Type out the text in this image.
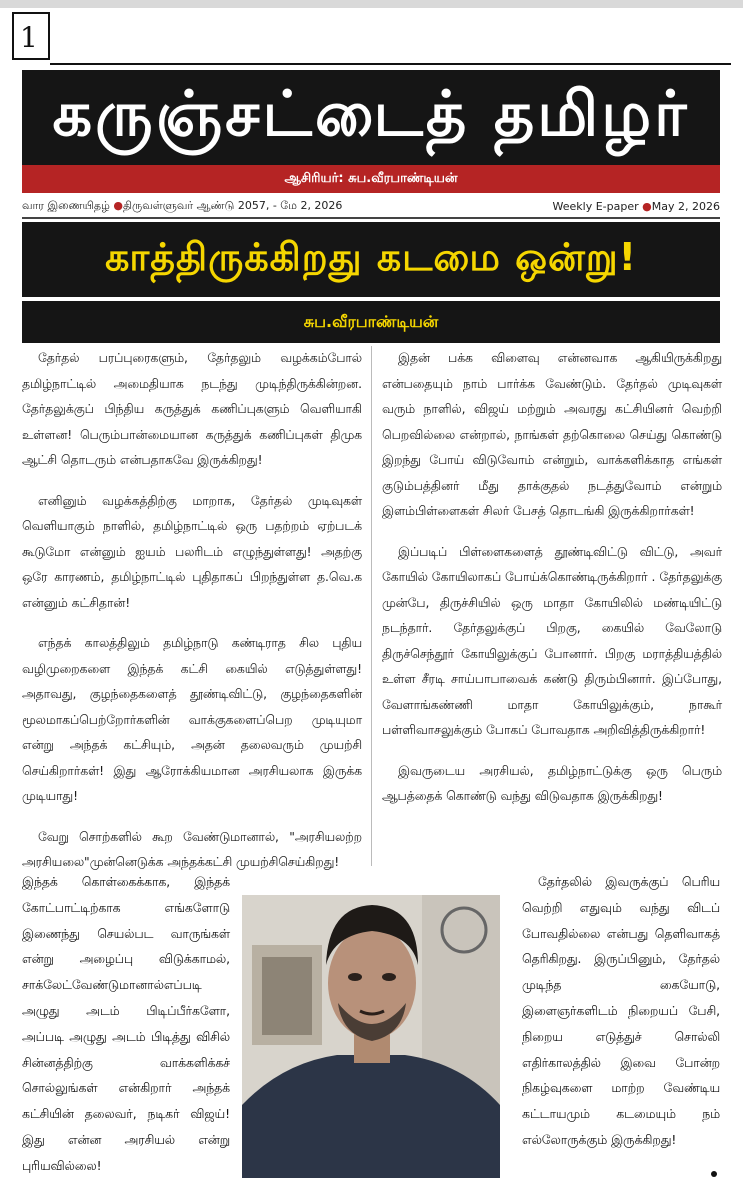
1
கருஞ்சட்டைத் தமிழர்
ஆசிரியர்: சுப.வீரபாண்டியன்
வார இணையிதழ் ●திருவள்ளுவர் ஆண்டு 2057, - மே 2, 2026	Weekly E-paper ●May 2, 2026
காத்திருக்கிறது கடமை ஒன்று!
சுப.வீரபாண்டியன்

தேர்தல் பரப்புரைகளும், தேர்தலும் வழக்கம்போல் தமிழ்நாட்டில் அமைதியாக நடந்து முடிந்திருக்கின்றன. தேர்தலுக்குப் பிந்திய கருத்துக் கணிப்புகளும் வெளியாகி உள்ளன! பெரும்பான்மையான கருத்துக் கணிப்புகள் திமுக ஆட்சி தொடரும் என்பதாகவே இருக்கிறது!

எனினும் வழக்கத்திற்கு மாறாக, தேர்தல் முடிவுகள் வெளியாகும் நாளில், தமிழ்நாட்டில் ஒரு பதற்றம் ஏற்படக் கூடுமோ என்னும் ஐயம் பலரிடம் எழுந்துள்ளது! அதற்கு ஒரே காரணம், தமிழ்நாட்டில் புதிதாகப் பிறந்துள்ள த.வெ.க என்னும் கட்சிதான்!

எந்தக் காலத்திலும் தமிழ்நாடு கண்டிராத சில புதிய வழிமுறைகளை இந்தக் கட்சி கையில் எடுத்துள்ளது! அதாவது, குழந்தைகளைத் தூண்டிவிட்டு, குழந்தைகளின் மூலமாகப்பெற்றோர்களின் வாக்குகளைப்பெற முடியுமா என்று அந்தக் கட்சியும், அதன் தலைவரும் முயற்சி செய்கிறார்கள்! இது ஆரோக்கியமான அரசியலாக இருக்க முடியாது!

வேறு சொற்களில் கூற வேண்டுமானால், "அரசியலற்ற அரசியலை"முன்னெடுக்க அந்தக்கட்சி முயற்சிசெய்கிறது!

இதன் பக்க விளைவு என்னவாக ஆகியிருக்கிறது என்பதையும் நாம் பார்க்க வேண்டும். தேர்தல் முடிவுகள் வரும் நாளில், விஜய் மற்றும் அவரது கட்சியினர் வெற்றி பெறவில்லை என்றால், நாங்கள் தற்கொலை செய்து கொண்டு இறந்து போய் விடுவோம் என்றும், வாக்களிக்காத எங்கள் குடும்பத்தினர் மீது தாக்குதல் நடத்துவோம் என்றும் இளம்பிள்ளைகள் சிலர் பேசத் தொடங்கி இருக்கிறார்கள்!

இப்படிப் பிள்ளைகளைத் தூண்டிவிட்டு விட்டு, அவர் கோயில் கோயிலாகப் போய்க்கொண்டிருக்கிறார் . தேர்தலுக்கு முன்பே, திருச்சியில் ஒரு மாதா கோயிலில் மண்டியிட்டு நடந்தார். தேர்தலுக்குப் பிறகு, கையில் வேலோடு திருச்செந்தூர் கோயிலுக்குப் போனார். பிறகு மராத்தியத்தில் உள்ள சீரடி சாய்பாபாவைக் கண்டு திரும்பினார். இப்போது, வேளாங்கண்ணி மாதா கோயிலுக்கும், நாகூர் பள்ளிவாசலுக்கும் போகப் போவதாக அறிவித்திருக்கிறார்!

இவருடைய அரசியல், தமிழ்நாட்டுக்கு ஒரு பெரும் ஆபத்தைக் கொண்டு வந்து விடுவதாக இருக்கிறது!

இந்தக் கொள்கைக்காக, இந்தக் கோட்பாட்டிற்காக எங்களோடு இணைந்து செயல்பட வாருங்கள் என்று அழைப்பு விடுக்காமல், சாக்லேட்வேண்டுமானால்எப்படி அழுது அடம் பிடிப்பீர்களோ, அப்படி அழுது அடம் பிடித்து விசில் சின்னத்திற்கு வாக்களிக்கச் சொல்லுங்கள் என்கிறார் அந்தக் கட்சியின் தலைவர், நடிகர் விஜய்! இது என்ன அரசியல் என்று புரியவில்லை!

தேர்தலில் இவருக்குப் பெரிய வெற்றி எதுவும் வந்து விடப் போவதில்லை என்பது தெளிவாகத் தெரிகிறது. இருப்பினும், தேர்தல் முடிந்த கையோடு, இளைஞர்களிடம் நிறையப் பேசி, நிறைய எடுத்துச் சொல்லி எதிர்காலத்தில் இவை போன்ற நிகழ்வுகளை மாற்ற வேண்டிய கட்டாயமும் கடமையும் நம் எல்லோருக்கும் இருக்கிறது!
